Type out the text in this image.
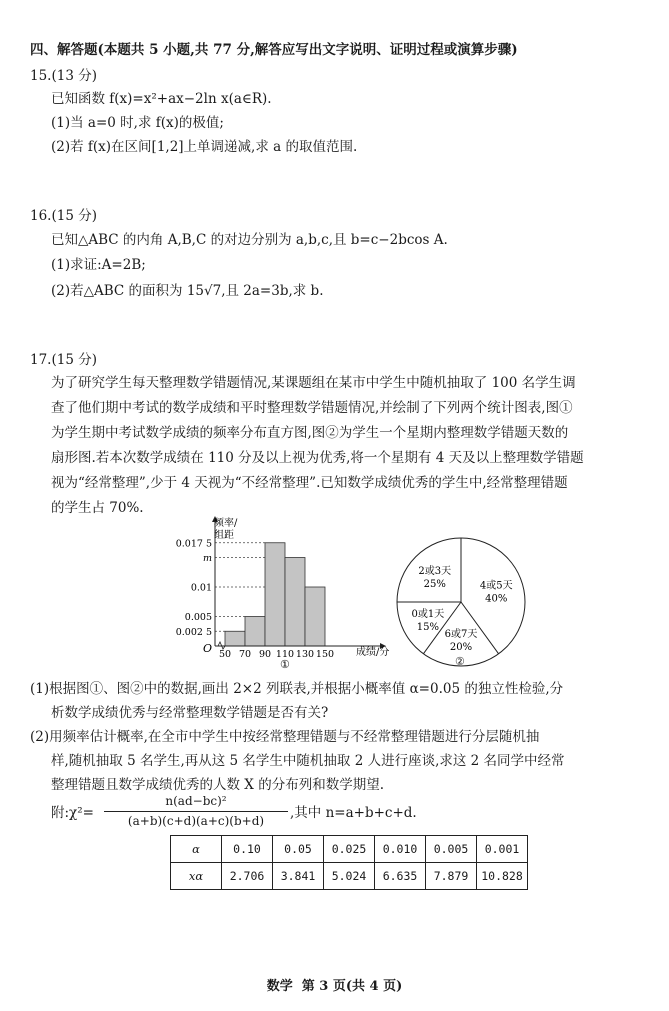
四、解答题(本题共 5 小题,共 77 分,解答应写出文字说明、证明过程或演算步骤)
15.(13 分)
已知函数 f(x)=x²+ax−2ln x(a∈R).
(1)当 a=0 时,求 f(x)的极值;
(2)若 f(x)在区间[1,2]上单调递减,求 a 的取值范围.
16.(15 分)
已知△ABC 的内角 A,B,C 的对边分别为 a,b,c,且 b=c−2bcos A.
(1)求证:A=2B;
(2)若△ABC 的面积为 15√7,且 2a=3b,求 b.
17.(15 分)
为了研究学生每天整理数学错题情况,某课题组在某市中学生中随机抽取了 100 名学生调
查了他们期中考试的数学成绩和平时整理数学错题情况,并绘制了下列两个统计图表,图①
为学生期中考试数学成绩的频率分布直方图,图②为学生一个星期内整理数学错题天数的
扇形图.若本次数学成绩在 110 分及以上视为优秀,将一个星期有 4 天及以上整理数学错题
视为“经常整理”,少于 4 天视为“不经常整理”.已知数学成绩优秀的学生中,经常整理错题
的学生占 70%.
频率/组距
O	成绩/分
①
0.002 5
0.005
0.017 5
m
0.01
50 70 90 110 130 150
4或5天
40%
6或7天
20%
0或1天
15%
2或3天
25%
②
(1)根据图①、图②中的数据,画出 2×2 列联表,并根据小概率值 α=0.05 的独立性检验,分
析数学成绩优秀与经常整理数学错题是否有关?
(2)用频率估计概率,在全市中学生中按经常整理错题与不经常整理错题进行分层随机抽
样,随机抽取 5 名学生,再从这 5 名学生中随机抽取 2 人进行座谈,求这 2 名同学中经常
整理错题且数学成绩优秀的人数 X 的分布列和数学期望.
附:χ²=
n(ad−bc)²
(a+b)(c+d)(a+c)(b+d)	,其中 n=a+b+c+d.
α	0.10	0.05	0.025	0.010	0.005	0.001
xα	2.706	3.841	5.024	6.635	7.879	10.828
数学  第 3 页(共 4 页)
